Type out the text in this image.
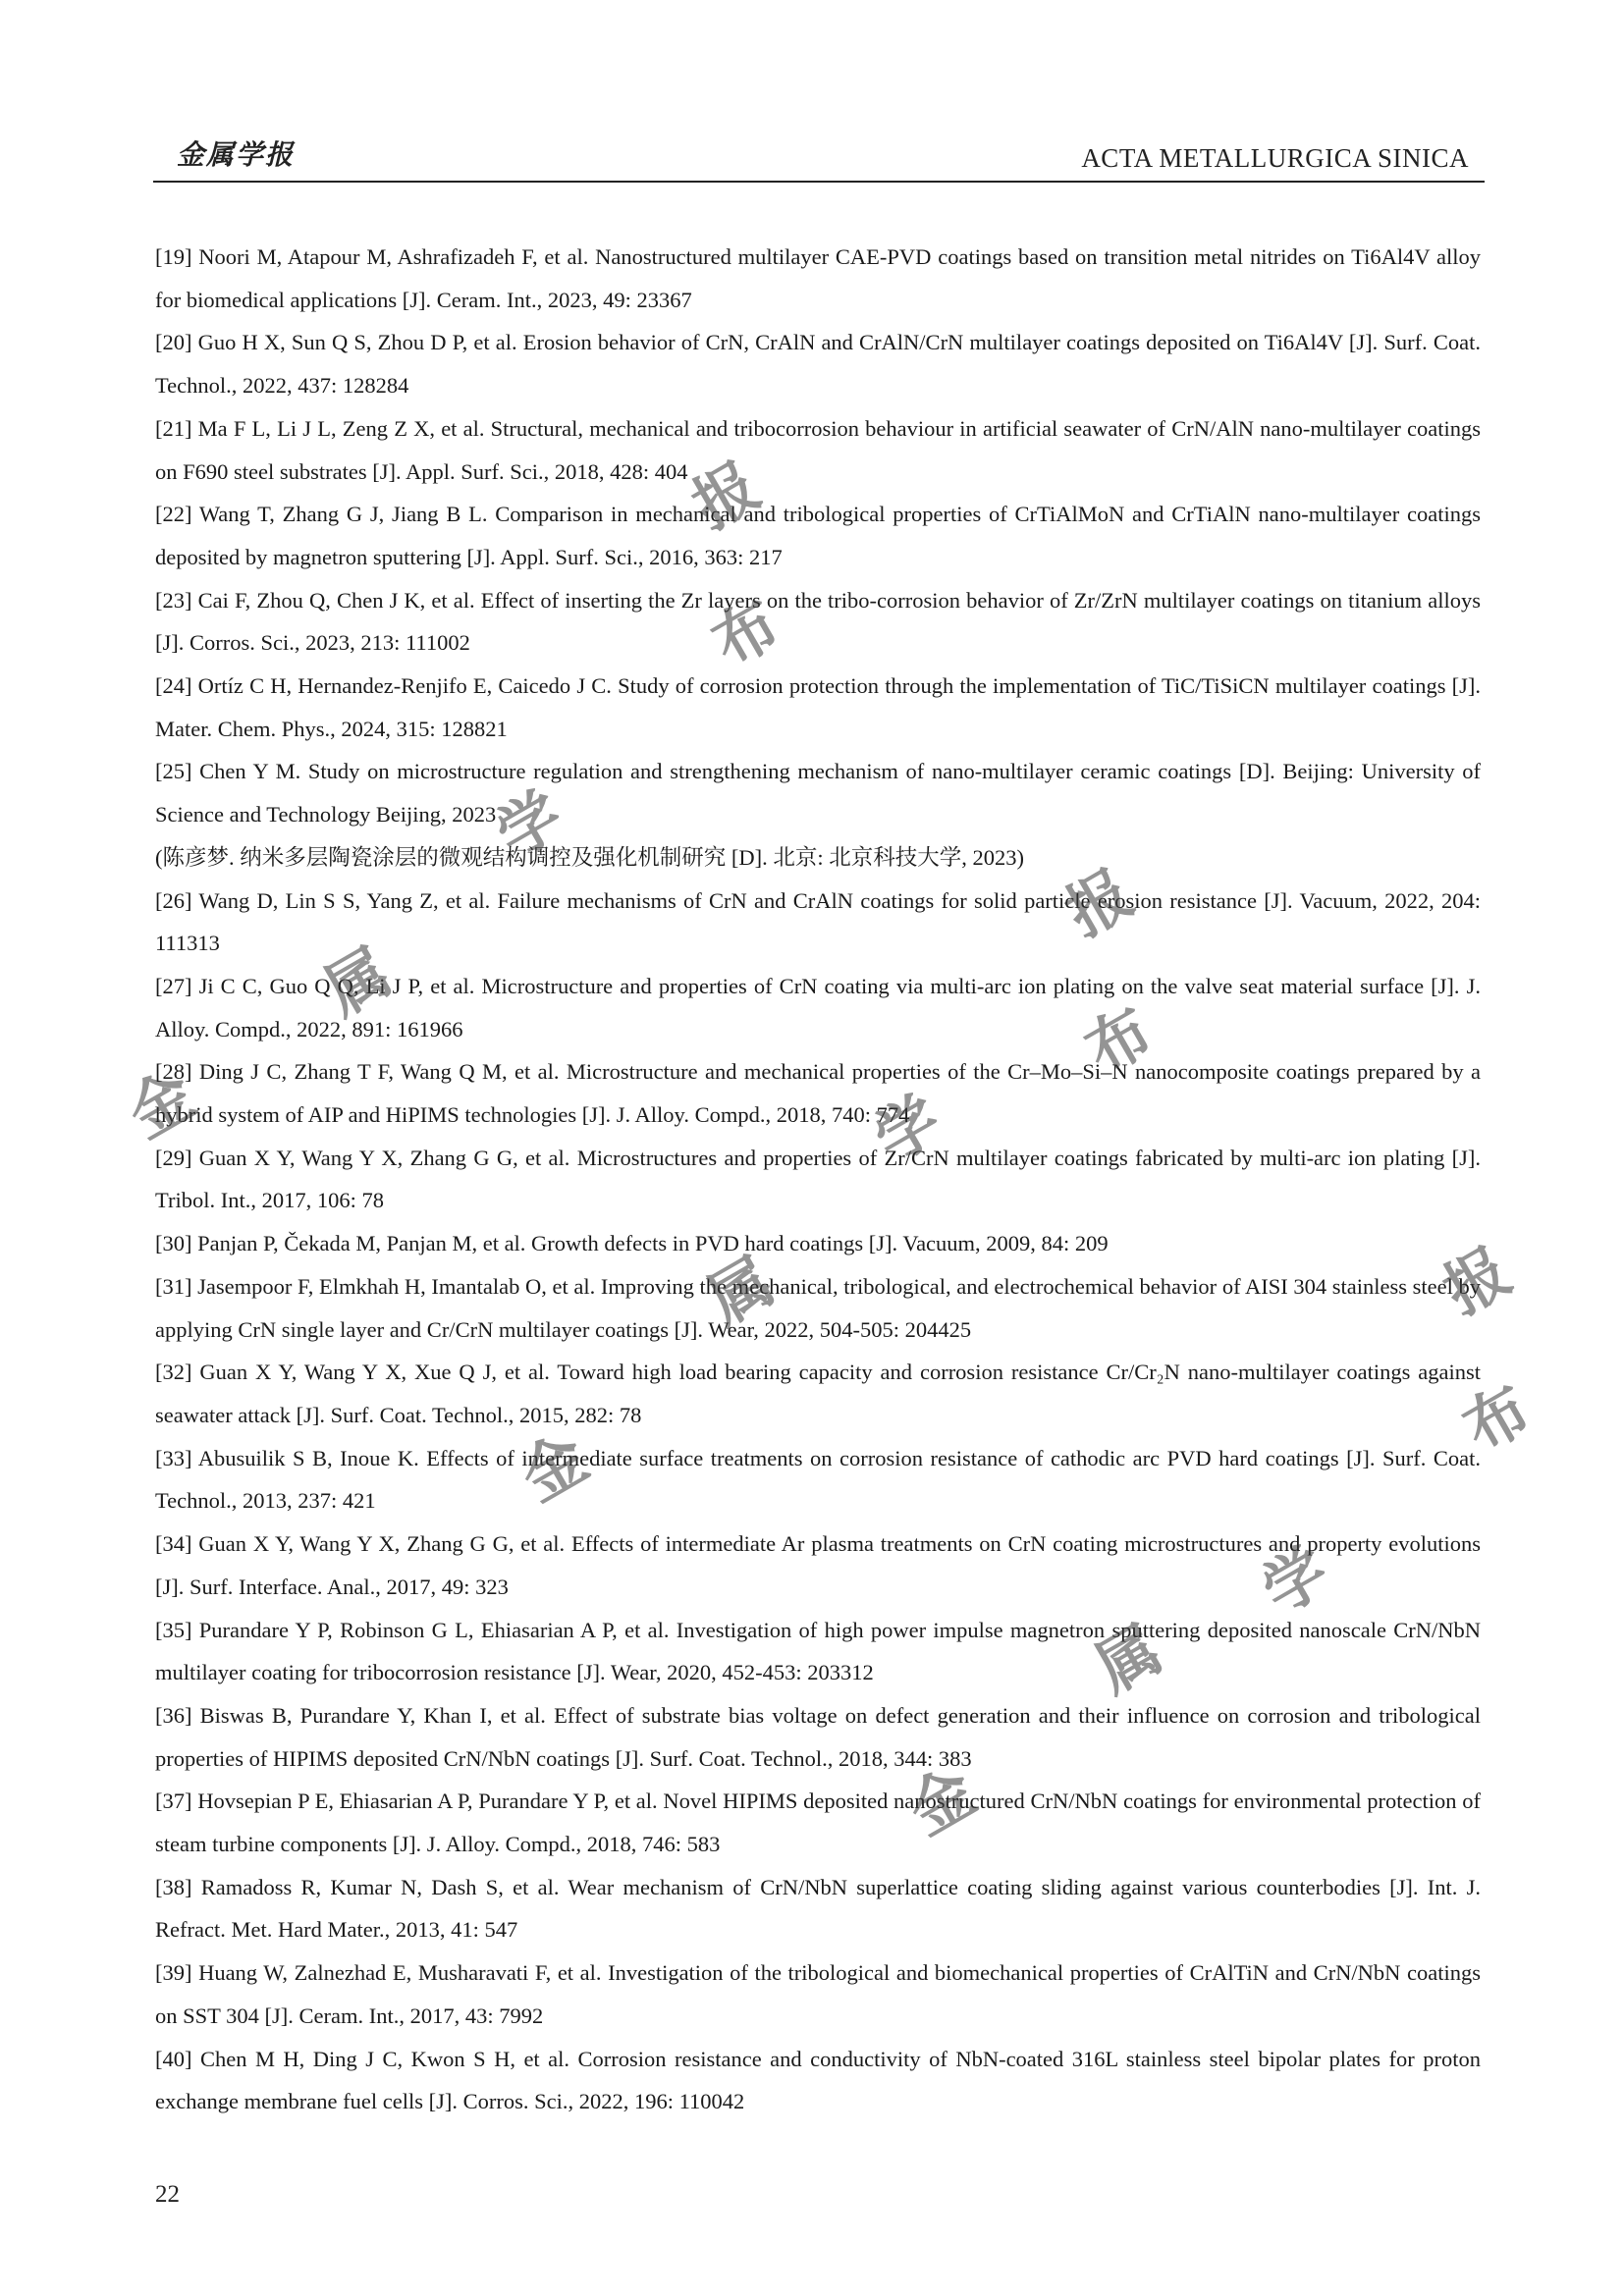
金属学报	ACTA METALLURGICA SINICA

[19] Noori M, Atapour M, Ashrafizadeh F, et al. Nanostructured multilayer CAE-PVD coatings based on transition metal nitrides on Ti6Al4V alloy for biomedical applications [J]. Ceram. Int., 2023, 49: 23367

[20] Guo H X, Sun Q S, Zhou D P, et al. Erosion behavior of CrN, CrAlN and CrAlN/CrN multilayer coatings deposited on Ti6Al4V [J]. Surf. Coat. Technol., 2022, 437: 128284

[21] Ma F L, Li J L, Zeng Z X, et al. Structural, mechanical and tribocorrosion behaviour in artificial seawater of CrN/AlN nano-multilayer coatings on F690 steel substrates [J]. Appl. Surf. Sci., 2018, 428: 404

[22] Wang T, Zhang G J, Jiang B L. Comparison in mechanical and tribological properties of CrTiAlMoN and CrTiAlN nano-multilayer coatings deposited by magnetron sputtering [J]. Appl. Surf. Sci., 2016, 363: 217

[23] Cai F, Zhou Q, Chen J K, et al. Effect of inserting the Zr layers on the tribo-corrosion behavior of Zr/ZrN multilayer coatings on titanium alloys [J]. Corros. Sci., 2023, 213: 111002

[24] Ortíz C H, Hernandez-Renjifo E, Caicedo J C. Study of corrosion protection through the implementation of TiC/TiSiCN multilayer coatings [J]. Mater. Chem. Phys., 2024, 315: 128821

[25] Chen Y M. Study on microstructure regulation and strengthening mechanism of nano-multilayer ceramic coatings [D]. Beijing: University of Science and Technology Beijing, 2023

(陈彦梦. 纳米多层陶瓷涂层的微观结构调控及强化机制研究 [D]. 北京: 北京科技大学, 2023)

[26] Wang D, Lin S S, Yang Z, et al. Failure mechanisms of CrN and CrAlN coatings for solid particle erosion resistance [J]. Vacuum, 2022, 204: 111313

[27] Ji C C, Guo Q Q, Li J P, et al. Microstructure and properties of CrN coating via multi-arc ion plating on the valve seat material surface [J]. J. Alloy. Compd., 2022, 891: 161966

[28] Ding J C, Zhang T F, Wang Q M, et al. Microstructure and mechanical properties of the Cr–Mo–Si–N nanocomposite coatings prepared by a hybrid system of AIP and HiPIMS technologies [J]. J. Alloy. Compd., 2018, 740: 774

[29] Guan X Y, Wang Y X, Zhang G G, et al. Microstructures and properties of Zr/CrN multilayer coatings fabricated by multi-arc ion plating [J]. Tribol. Int., 2017, 106: 78

[30] Panjan P, Čekada M, Panjan M, et al. Growth defects in PVD hard coatings [J]. Vacuum, 2009, 84: 209

[31] Jasempoor F, Elmkhah H, Imantalab O, et al. Improving the mechanical, tribological, and electrochemical behavior of AISI 304 stainless steel by applying CrN single layer and Cr/CrN multilayer coatings [J]. Wear, 2022, 504-505: 204425

[32] Guan X Y, Wang Y X, Xue Q J, et al. Toward high load bearing capacity and corrosion resistance Cr/Cr₂N nano-multilayer coatings against seawater attack [J]. Surf. Coat. Technol., 2015, 282: 78

[33] Abusuilik S B, Inoue K. Effects of intermediate surface treatments on corrosion resistance of cathodic arc PVD hard coatings [J]. Surf. Coat. Technol., 2013, 237: 421

[34] Guan X Y, Wang Y X, Zhang G G, et al. Effects of intermediate Ar plasma treatments on CrN coating microstructures and property evolutions [J]. Surf. Interface. Anal., 2017, 49: 323

[35] Purandare Y P, Robinson G L, Ehiasarian A P, et al. Investigation of high power impulse magnetron sputtering deposited nanoscale CrN/NbN multilayer coating for tribocorrosion resistance [J]. Wear, 2020, 452-453: 203312

[36] Biswas B, Purandare Y, Khan I, et al. Effect of substrate bias voltage on defect generation and their influence on corrosion and tribological properties of HIPIMS deposited CrN/NbN coatings [J]. Surf. Coat. Technol., 2018, 344: 383

[37] Hovsepian P E, Ehiasarian A P, Purandare Y P, et al. Novel HIPIMS deposited nanostructured CrN/NbN coatings for environmental protection of steam turbine components [J]. J. Alloy. Compd., 2018, 746: 583

[38] Ramadoss R, Kumar N, Dash S, et al. Wear mechanism of CrN/NbN superlattice coating sliding against various counterbodies [J]. Int. J. Refract. Met. Hard Mater., 2013, 41: 547

[39] Huang W, Zalnezhad E, Musharavati F, et al. Investigation of the tribological and biomechanical properties of CrAlTiN and CrN/NbN coatings on SST 304 [J]. Ceram. Int., 2017, 43: 7992

[40] Chen M H, Ding J C, Kwon S H, et al. Corrosion resistance and conductivity of NbN-coated 316L stainless steel bipolar plates for proton exchange membrane fuel cells [J]. Corros. Sci., 2022, 196: 110042

22
报
布
学
属
金
报
布
学
属
金
报
布
学
属
金
